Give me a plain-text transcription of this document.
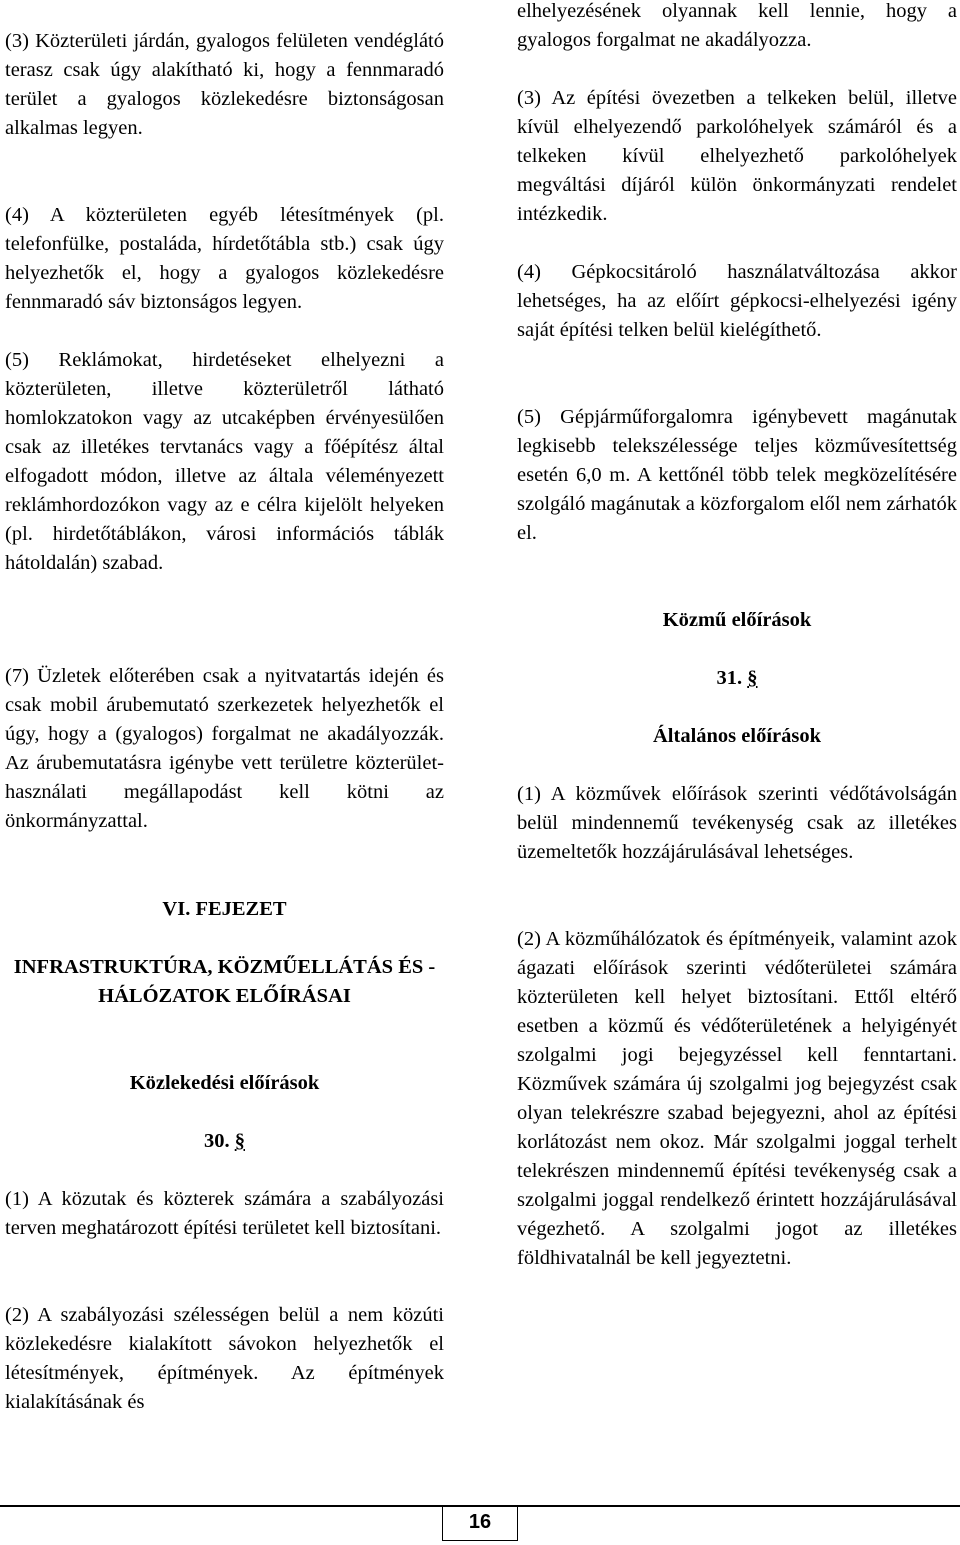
(3) Közterületi járdán, gyalogos felületen vendéglátó terasz csak úgy alakítható ki, hogy a fennmaradó terület a gyalogos közlekedésre biztonságosan alkalmas legyen.

(4) A közterületen egyéb létesítmények (pl. telefonfülke, postaláda, hírdetőtábla stb.) csak úgy helyezhetők el, hogy a gyalogos közlekedésre fennmaradó sáv biztonságos legyen.

(5) Reklámokat, hirdetéseket elhelyezni a közterületen, illetve közterületről látható homlokzatokon vagy az utcaképben érvényesülően csak az illetékes tervtanács vagy a főépítész által elfogadott módon, illetve az általa véleményezett reklámhordozókon vagy az e célra kijelölt helyeken (pl. hirdetőtáblákon, városi információs táblák hátoldalán) szabad.

(7) Üzletek előterében csak a nyitvatartás idején és csak mobil árubemutató szerkezetek helyezhetők el úgy, hogy a (gyalogos) forgalmat ne akadályozzák. Az árubemutatásra igénybe vett területre közterület-használati megállapodást kell kötni az önkormányzattal.

VI. FEJEZET

INFRASTRUKTÚRA, KÖZMŰELLÁTÁS ÉS - HÁLÓZATOK ELŐÍRÁSAI

Közlekedési előírások

30. §

(1) A közutak és közterek számára a szabályozási terven meghatározott építési területet kell biztosítani.

(2) A szabályozási szélességen belül a nem közúti közlekedésre kialakított sávokon helyezhetők el létesítmények, építmények. Az építmények kialakításának és

elhelyezésének olyannak kell lennie, hogy a gyalogos forgalmat ne akadályozza.

(3) Az építési övezetben a telkeken belül, illetve kívül elhelyezendő parkolóhelyek számáról és a telkeken kívül elhelyezhető parkolóhelyek megváltási díjáról külön önkormányzati rendelet intézkedik.

(4) Gépkocsitároló használatváltozása akkor lehetséges, ha az előírt gépkocsi-elhelyezési igény saját építési telken belül kielégíthető.

(5) Gépjárműforgalomra igénybevett magánutak legkisebb telekszélessége teljes közművesítettség esetén 6,0 m. A kettőnél több telek megközelítésére szolgáló magánutak a közforgalom elől nem zárhatók el.

Közmű előírások

31. §

Általános előírások

(1) A közművek előírások szerinti védőtávolságán belül mindennemű tevékenység csak az illetékes üzemeltetők hozzájárulásával lehetséges.

(2) A közműhálózatok és építményeik, valamint azok ágazati előírások szerinti védőterületei számára közterületen kell helyet biztosítani. Ettől eltérő esetben a közmű és védőterületének a helyigényét szolgalmi jogi bejegyzéssel kell fenntartani. Közművek számára új szolgalmi jog bejegyzést csak olyan telekrészre szabad bejegyezni, ahol az építési korlátozást nem okoz. Már szolgalmi joggal terhelt telekrészen mindennemű építési tevékenység csak a szolgalmi joggal rendelkező érintett hozzájárulásával végezhető. A szolgalmi jogot az illetékes földhivatalnál be kell jegyeztetni.

16
